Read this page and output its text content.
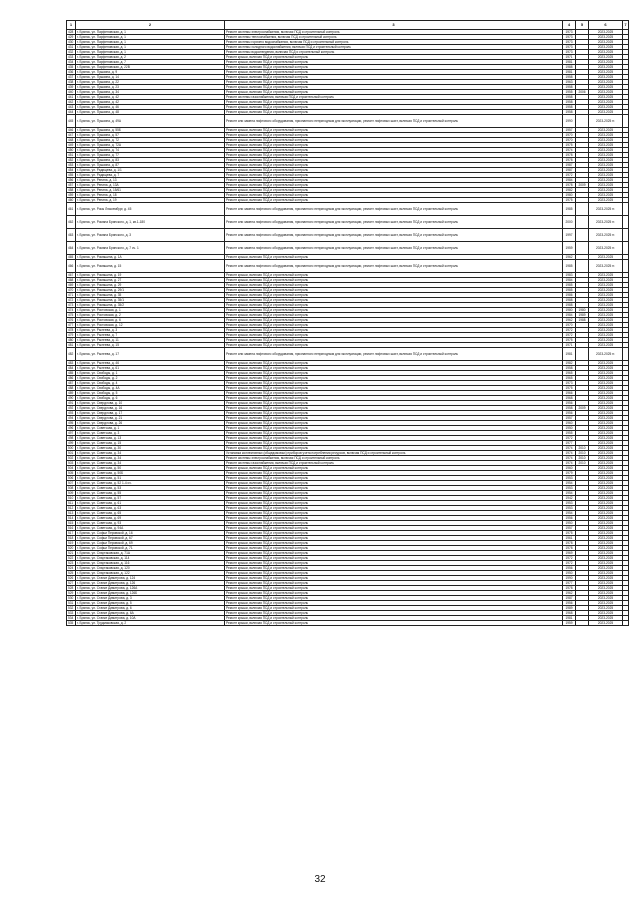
1	2	3	4	5	6	7
428	г. Брянск, ул. Парфеновская, д. 1	Ремонт системы электроснабжения, включая ПСД и строительный контроль	1973		2023-2025	
429	г. Брянск, ул. Парфеновская, д. 1	Ремонт системы теплоснабжения, включая ПСД и строительный контроль	1973		2023-2025	
430	г. Брянск, ул. Парфеновская, д. 1	Ремонт системы горячего водоснабжения, включая ПСД и строительный контроль	1973		2023-2025	
431	г. Брянск, ул. Парфеновская, д. 1	Ремонт системы холодного водоснабжения, включая ПСД и строительный контроль	1973		2023-2025	
432	г. Брянск, ул. Парфеновская, д. 1	Ремонт системы водоотведения, включая ПСД и строительный контроль	1973		2023-2025	
433	г. Брянск, ул. Парфеновская, д. 2	Ремонт крыши, включая ПСД и строительный контроль	1971		2023-2025	
434	г. Брянск, ул. Парфеновская, д. 7	Ремонт крыши, включая ПСД и строительный контроль	1981		2023-2025	
435	г. Брянск, ул. Парфеновская, д. 22В	Ремонт крыши, включая ПСД и строительный контроль	1988		2023-2025	
436	г. Брянск, ул. Пушкина, д. 9	Ремонт крыши, включая ПСД и строительный контроль	1981		2023-2025	
437	г. Брянск, ул. Пушкина, д. 14	Ремонт крыши, включая ПСД и строительный контроль	1958		2023-2025	
438	г. Брянск, ул. Пушкина, д. 22	Ремонт крыши, включая ПСД и строительный контроль	1963		2023-2025	
439	г. Брянск, ул. Пушкина, д. 23	Ремонт крыши, включая ПСД и строительный контроль	1958		2023-2025	
440	г. Брянск, ул. Пушкина, д. 34	Ремонт крыши, включая ПСД и строительный контроль	1955	2006	2023-2025	
441	г. Брянск, ул. Пушкина, д. 42	Ремонт системы газоснабжения, включая ПСД и строительный контроль	1958		2023-2025	
442	г. Брянск, ул. Пушкина, д. 42	Ремонт крыши, включая ПСД и строительный контроль	1958		2023-2025	
443	г. Брянск, ул. Пушкина, д. 46	Ремонт крыши, включая ПСД и строительный контроль	1958		2023-2025	
444	г. Брянск, ул. Пушкина, д. 48	Ремонт крыши, включая ПСД и строительный контроль	1958		2023-2025	
445	г. Брянск, ул. Пушкина, д. 49А	Ремонт или замена лифтового оборудования, признанного непригодным для эксплуатации, ремонт лифтовых шахт, включая ПСД и строительный контроль	1990		2023-2025 гг.	
446	г. Брянск, ул. Пушкина, д. 55Б	Ремонт крыши, включая ПСД и строительный контроль	1957		2023-2025	
447	г. Брянск, ул. Пушкина, д. 57	Ремонт крыши, включая ПСД и строительный контроль	1970		2023-2025	
448	г. Брянск, ул. Пушкина, д. 72	Ремонт крыши, включая ПСД и строительный контроль	1970		2023-2025	
449	г. Брянск, ул. Пушкина, д. 72А	Ремонт крыши, включая ПСД и строительный контроль	1975		2023-2025	
450	г. Брянск, ул. Пушкина, д. 74	Ремонт крыши, включая ПСД и строительный контроль	1974		2023-2025	
451	г. Брянск, ул. Пушкина, д. 77	Ремонт крыши, включая ПСД и строительный контроль	1978		2023-2025	
452	г. Брянск, ул. Пушкина, д. 83	Ремонт крыши, включая ПСД и строительный контроль	1978		2023-2025	
453	г. Брянск, ул. Пушкина, д. 87	Ремонт крыши, включая ПСД и строительный контроль	1987		2023-2025	
454	г. Брянск, ул. Радищева, д. 1/1	Ремонт крыши, включая ПСД и строительный контроль	1987		2023-2025	
455	г. Брянск, ул. Радищева, д. 7	Ремонт крыши, включая ПСД и строительный контроль	1972		2023-2025	
456	г. Брянск, ул. Репина, д. 13	Ремонт крыши, включая ПСД и строительный контроль	1984		2023-2025	
457	г. Брянск, ул. Репина, д. 13А	Ремонт крыши, включая ПСД и строительный контроль	1978	2009	2023-2025	
458	г. Брянск, ул. Репина, д. 15/61	Ремонт крыши, включая ПСД и строительный контроль	1982		2023-2025	
459	г. Брянск, ул. Репина, д. 18	Ремонт крыши, включая ПСД и строительный контроль	1980		2023-2025	
460	г. Брянск, ул. Репина, д. 19	Ремонт крыши, включая ПСД и строительный контроль	1975		2023-2025	
461	г. Брянск, ул. Рокы Люксембург, д. 45	Ремонт или замена лифтового оборудования, признанного непригодным для эксплуатации, ремонт лифтовых шахт, включая ПСД и строительный контроль	1985		2023-2025 гг.	
462	г. Брянск, ул. Романа Брянского, д. 1, кв.1-180	Ремонт или замена лифтового оборудования, признанного непригодным для эксплуатации, ремонт лифтовых шахт, включая ПСД и строительный контроль	2000		2023-2025 гг.	
463	г. Брянск, ул. Романа Брянского, д. 3	Ремонт или замена лифтового оборудования, признанного непригодным для эксплуатации, ремонт лифтовых шахт, включая ПСД и строительный контроль	1997		2023-2025 гг.	
464	г. Брянск, ул. Романа Брянского, д. 7 сч. 1	Ремонт или замена лифтового оборудования, признанного непригодным для эксплуатации, ремонт лифтовых шахт, включая ПСД и строительный контроль	1959		2023-2025 гг.	
465	г. Брянск, ул. Ромашина, д. 1А	Ремонт крыши, включая ПСД и строительный контроль	1962		2023-2025	
466	г. Брянск, ул. Ромашина, д. 15	Ремонт или замена лифтового оборудования, признанного непригодным для эксплуатации, ремонт лифтовых шахт, включая ПСД и строительный контроль	1985		2023-2025 гг.	
467	г. Брянск, ул. Ромашина, д. 19	Ремонт крыши, включая ПСД и строительный контроль	1983		2023-2025	
468	г. Брянск, ул. Ромашина, д. 27	Ремонт крыши, включая ПСД и строительный контроль	1984		2023-2025	
469	г. Брянск, ул. Ромашина, д. 29	Ремонт крыши, включая ПСД и строительный контроль	1985		2023-2025	
470	г. Брянск, ул. Ромашина, д. 29/1	Ремонт крыши, включая ПСД и строительный контроль	1985		2023-2025	
471	г. Брянск, ул. Ромашина, д. 35	Ремонт крыши, включая ПСД и строительный контроль	1986		2023-2025	
472	г. Брянск, ул. Ромашина, д. 35/1	Ремонт крыши, включая ПСД и строительный контроль	1988		2023-2025	
473	г. Брянск, ул. Ромашина, д. 35/2	Ремонт крыши, включая ПСД и строительный контроль	1988		2023-2025	
474	г. Брянск, ул. Ростовская, д. 1	Ремонт крыши, включая ПСД и строительный контроль	1980	1980	2023-2025	
475	г. Брянск, ул. Ростовская, д. 2	Ремонт крыши, включая ПСД и строительный контроль	1984	1989	2023-2025	
476	г. Брянск, ул. Ростовская, д. 6	Ремонт крыши, включая ПСД и строительный контроль	1962	1988	2023-2025	
477	г. Брянск, ул. Ростовская, д. 12	Ремонт крыши, включая ПСД и строительный контроль	1970		2023-2025	
478	г. Брянск, ул. Рылеева, д. 3	Ремонт крыши, включая ПСД и строительный контроль	1972		2023-2025	
479	г. Брянск, ул. Рылеева, д. 7	Ремонт крыши, включая ПСД и строительный контроль	1972		2023-2025	
480	г. Брянск, ул. Рылеева, д. 11	Ремонт крыши, включая ПСД и строительный контроль	1975		2023-2025	
481	г. Брянск, ул. Рылеева, д. 15	Ремонт крыши, включая ПСД и строительный контроль	1971		2023-2025	
482	г. Брянск, ул. Рылеева, д. 17	Ремонт или замена лифтового оборудования, признанного непригодным для эксплуатации, ремонт лифтовых шахт, включая ПСД и строительный контроль	1981		2023-2025 гг.	
483	г. Брянск, ул. Рылеева, д. 46	Ремонт крыши, включая ПСД и строительный контроль	1982		2023-2025	
484	г. Брянск, ул. Рылеева, д. 61	Ремонт крыши, включая ПСД и строительный контроль	1958		2023-2025	
485	г. Брянск, ул. Свободы, д. 1	Ремонт крыши, включая ПСД и строительный контроль	1965		2023-2025	
486	г. Брянск, ул. Свободы, д. 2	Ремонт крыши, включая ПСД и строительный контроль	1965		2023-2025	
487	г. Брянск, ул. Свободы, д. 4	Ремонт крыши, включая ПСД и строительный контроль	1973		2023-2025	
488	г. Брянск, ул. Свободы, д. 4А	Ремонт крыши, включая ПСД и строительный контроль	1975		2023-2025	
489	г. Брянск, ул. Свободы, д. 5	Ремонт крыши, включая ПСД и строительный контроль	1966		2023-2025	
490	г. Брянск, ул. Свободы, д. 6	Ремонт крыши, включая ПСД и строительный контроль	1968		2023-2025	
491	г. Брянск, ул. Свердлова, д. 10	Ремонт крыши, включая ПСД и строительный контроль	1956		2023-2025	
492	г. Брянск, ул. Свердлова, д. 16	Ремонт крыши, включая ПСД и строительный контроль	1958	2009	2023-2025	
493	г. Брянск, ул. Свердлова, д. 17	Ремонт крыши, включая ПСД и строительный контроль	1956		2023-2025	
494	г. Брянск, ул. Свердлова, д. 21	Ремонт крыши, включая ПСД и строительный контроль	1957		2023-2025	
495	г. Брянск, ул. Свердлова, д. 26	Ремонт крыши, включая ПСД и строительный контроль	1960		2023-2025	
496	г. Брянск, ул. Советская, д. 1	Ремонт крыши, включая ПСД и строительный контроль	1950		2023-2025	
497	г. Брянск, ул. Советская, д. 3	Ремонт крыши, включая ПСД и строительный контроль	1955		2023-2025	
498	г. Брянск, ул. Советская, д. 13	Ремонт крыши, включая ПСД и строительный контроль	1972		2023-2025	
499	г. Брянск, ул. Советская, д. 15	Ремонт крыши, включая ПСД и строительный контроль	1977		2023-2025	
500	г. Брянск, ул. Советская, д. 30	Ремонт крыши, включая ПСД и строительный контроль	1974	2010	2023-2025	
501	г. Брянск, ул. Советская, д. 34	Установка коллективных (общедомовых) приборов учета потребления ресурсов, включая ПСД и строительный контроль	1974	2010	2023-2025	
502	г. Брянск, ул. Советская, д. 34	Ремонт системы электроснабжения, включая ПСД и строительный контроль	1974	2010	2023-2025	
503	г. Брянск, ул. Советская, д. 34	Ремонт системы газоснабжения, включая ПСД и строительный контроль	1974	2010	2023-2025	
504	г. Брянск, ул. Советская, д. 50	Ремонт крыши, включая ПСД и строительный контроль	1960		2023-2025	
505	г. Брянск, ул. Советская, д. 50Б	Ремонт крыши, включая ПСД и строительный контроль	1979		2023-2025	
506	г. Брянск, ул. Советская, д. 51	Ремонт крыши, включая ПСД и строительный контроль	1953		2023-2025	
507	г. Брянск, ул. Советская, д. 52 1-4 сч.	Ремонт крыши, включая ПСД и строительный контроль	1954		2023-2025	
508	г. Брянск, ул. Советская, д. 53	Ремонт крыши, включая ПСД и строительный контроль	1953		2023-2025	
509	г. Брянск, ул. Советская, д. 55	Ремонт крыши, включая ПСД и строительный контроль	1954		2023-2025	
510	г. Брянск, ул. Советская, д. 57	Ремонт крыши, включая ПСД и строительный контроль	1942		2023-2025	
511	г. Брянск, ул. Советская, д. 61	Ремонт крыши, включая ПСД и строительный контроль	1953		2023-2025	
512	г. Брянск, ул. Советская, д. 63	Ремонт крыши, включая ПСД и строительный контроль	1953		2023-2025	
513	г. Брянск, ул. Советская, д. 65	Ремонт крыши, включая ПСД и строительный контроль	1954		2023-2025	
514	г. Брянск, ул. Советская, д. 69	Ремонт крыши, включая ПСД и строительный контроль	1956		2023-2025	
515	г. Брянск, ул. Советская, д. 93	Ремонт крыши, включая ПСД и строительный контроль	1950		2023-2025	
516	г. Брянск, ул. Советская, д. 94А	Ремонт крыши, включая ПСД и строительный контроль	1957		2023-2025	
517	г. Брянск, ул. Софьи Перовской, д. 16	Ремонт крыши, включая ПСД и строительный контроль	1975		2023-2025	
518	г. Брянск, ул. Софьи Перовской, д. 67	Ремонт крыши, включая ПСД и строительный контроль	1961		2023-2025	
519	г. Брянск, ул. Софьи Перовской, д. 69	Ремонт крыши, включая ПСД и строительный контроль	1978		2023-2025	
520	г. Брянск, ул. Софьи Перовской, д. 71	Ремонт крыши, включая ПСД и строительный контроль	1978		2023-2025	
521	г. Брянск, ул. Спартаковская, д. 71А	Ремонт крыши, включая ПСД и строительный контроль	1969		2023-2025	
522	г. Брянск, ул. Спартаковская, д. 114	Ремонт крыши, включая ПСД и строительный контроль	1972		2023-2025	
523	г. Брянск, ул. Спартаковская, д. 116	Ремонт крыши, включая ПСД и строительный контроль	1972		2023-2025	
524	г. Брянск, ул. Спартаковская, д. 120	Ремонт крыши, включая ПСД и строительный контроль	1956		2023-2025	
525	г. Брянск, ул. Спартаковская, д. 122	Ремонт крыши, включая ПСД и строительный контроль	1950		2023-2025	
526	г. Брянск, ул. Станке Димитрова, д. 124	Ремонт крыши, включая ПСД и строительный контроль	1990		2023-2025	
527	г. Брянск, ул. Станке Димитрова, д. 126	Ремонт крыши, включая ПСД и строительный контроль	1977		2023-2025	
528	г. Брянск, ул. Станке Димитрова, д. 126А	Ремонт крыши, включая ПСД и строительный контроль	1978		2023-2025	
529	г. Брянск, ул. Станке Димитрова, д. 126Б	Ремонт крыши, включая ПСД и строительный контроль	1962		2023-2025	
530	г. Брянск, ул. Станке Димитрова, д. 3	Ремонт крыши, включая ПСД и строительный контроль	1987		2023-2025	
531	г. Брянск, ул. Станке Димитрова, д. 5	Ремонт крыши, включая ПСД и строительный контроль	1956		2023-2025	
532	г. Брянск, ул. Станке Димитрова, д. 6	Ремонт крыши, включая ПСД и строительный контроль	1989		2023-2025	
533	г. Брянск, ул. Станке Димитрова, д. 6А	Ремонт крыши, включая ПСД и строительный контроль	1968		2023-2025	
534	г. Брянск, ул. Станке Димитрова, д. 10А	Ремонт крыши, включая ПСД и строительный контроль	1981		2023-2025	
535	г. Брянск, ул. Трудмаковская, д. 2	Ремонт крыши, включая ПСД и строительный контроль	1959		2023-2025	
32
